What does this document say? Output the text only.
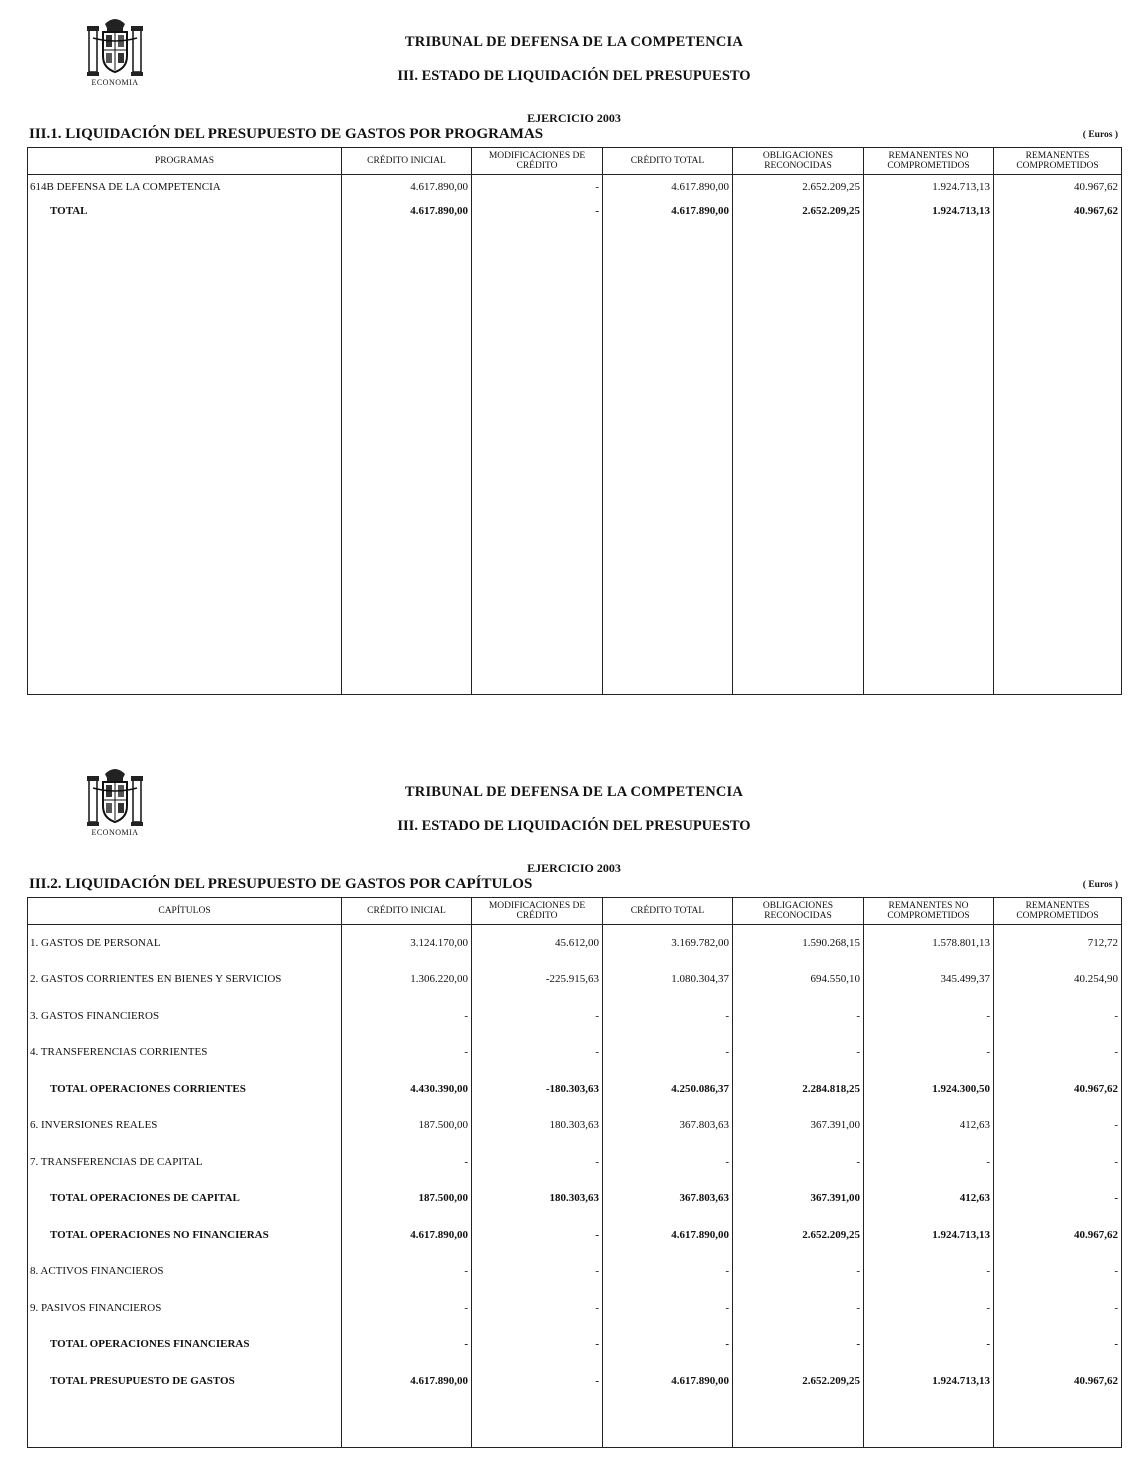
ECONOMIA
TRIBUNAL DE DEFENSA DE LA COMPETENCIA
III. ESTADO DE LIQUIDACIÓN DEL PRESUPUESTO
EJERCICIO 2003
III.1. LIQUIDACIÓN DEL PRESUPUESTO DE GASTOS POR PROGRAMAS	( Euros )
PROGRAMAS	CRÉDITO INICIAL	MODIFICACIONES DE CRÉDITO	CRÉDITO TOTAL	OBLIGACIONES RECONOCIDAS	REMANENTES NO COMPROMETIDOS	REMANENTES COMPROMETIDOS
614B DEFENSA DE LA COMPETENCIA	4.617.890,00	-	4.617.890,00	2.652.209,25	1.924.713,13	40.967,62
TOTAL	4.617.890,00	-	4.617.890,00	2.652.209,25	1.924.713,13	40.967,62

ECONOMIA
TRIBUNAL DE DEFENSA DE LA COMPETENCIA
III. ESTADO DE LIQUIDACIÓN DEL PRESUPUESTO
EJERCICIO 2003
III.2. LIQUIDACIÓN DEL PRESUPUESTO DE GASTOS POR CAPÍTULOS	( Euros )
CAPÍTULOS	CRÉDITO INICIAL	MODIFICACIONES DE CRÉDITO	CRÉDITO TOTAL	OBLIGACIONES RECONOCIDAS	REMANENTES NO COMPROMETIDOS	REMANENTES COMPROMETIDOS
1. GASTOS DE PERSONAL	3.124.170,00	45.612,00	3.169.782,00	1.590.268,15	1.578.801,13	712,72
2. GASTOS CORRIENTES EN BIENES Y SERVICIOS	1.306.220,00	-225.915,63	1.080.304,37	694.550,10	345.499,37	40.254,90
3. GASTOS FINANCIEROS	-	-	-	-	-	-
4. TRANSFERENCIAS CORRIENTES	-	-	-	-	-	-
TOTAL OPERACIONES CORRIENTES	4.430.390,00	-180.303,63	4.250.086,37	2.284.818,25	1.924.300,50	40.967,62
6. INVERSIONES REALES	187.500,00	180.303,63	367.803,63	367.391,00	412,63	-
7. TRANSFERENCIAS DE CAPITAL	-	-	-	-	-	-
TOTAL OPERACIONES DE CAPITAL	187.500,00	180.303,63	367.803,63	367.391,00	412,63	-
TOTAL OPERACIONES NO FINANCIERAS	4.617.890,00	-	4.617.890,00	2.652.209,25	1.924.713,13	40.967,62
8. ACTIVOS FINANCIEROS	-	-	-	-	-	-
9. PASIVOS FINANCIEROS	-	-	-	-	-	-
TOTAL OPERACIONES FINANCIERAS	-	-	-	-	-	-
TOTAL PRESUPUESTO DE GASTOS	4.617.890,00	-	4.617.890,00	2.652.209,25	1.924.713,13	40.967,62
